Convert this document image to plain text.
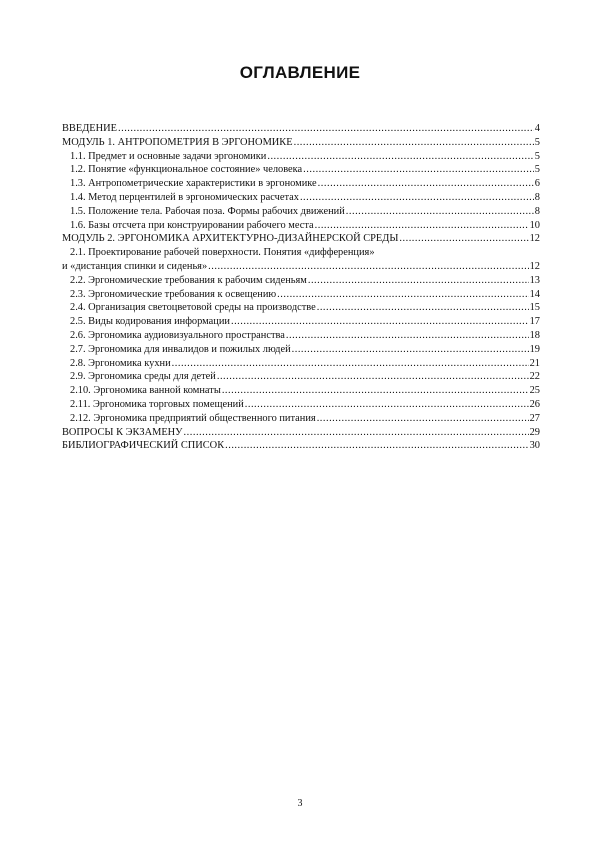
ОГЛАВЛЕНИЕ
ВВЕДЕНИЕ .....	4
МОДУЛЬ 1. АНТРОПОМЕТРИЯ В ЭРГОНОМИКЕ .....	5
1.1. Предмет и основные задачи эргономики .....	5
1.2. Понятие «функциональное состояние» человека .....	5
1.3. Антропометрические характеристики в эргономике .....	6
1.4. Метод перцентилей в эргономических расчетах .....	8
1.5. Положение тела. Рабочая поза. Формы рабочих движений .....	8
1.6. Базы отсчета при конструировании рабочего места .....	10
МОДУЛЬ 2. ЭРГОНОМИКА АРХИТЕКТУРНО-ДИЗАЙНЕРСКОЙ СРЕДЫ .....	12
2.1. Проектирование рабочей поверхности. Понятия «дифференция»
и «дистанция спинки и сиденья» .....	12
2.2. Эргономические требования к рабочим сиденьям .....	13
2.3. Эргономические требования к освещению .....	14
2.4. Организация светоцветовой среды на производстве .....	15
2.5. Виды кодирования информации .....	17
2.6. Эргономика аудиовизуального пространства .....	18
2.7. Эргономика для инвалидов и пожилых людей .....	19
2.8. Эргономика кухни .....	21
2.9. Эргономика среды для детей .....	22
2.10. Эргономика ванной комнаты .....	25
2.11. Эргономика торговых помещений .....	26
2.12. Эргономика предприятий общественного питания .....	27
ВОПРОСЫ К ЭКЗАМЕНУ .....	29
БИБЛИОГРАФИЧЕСКИЙ СПИСОК .....	30
3
